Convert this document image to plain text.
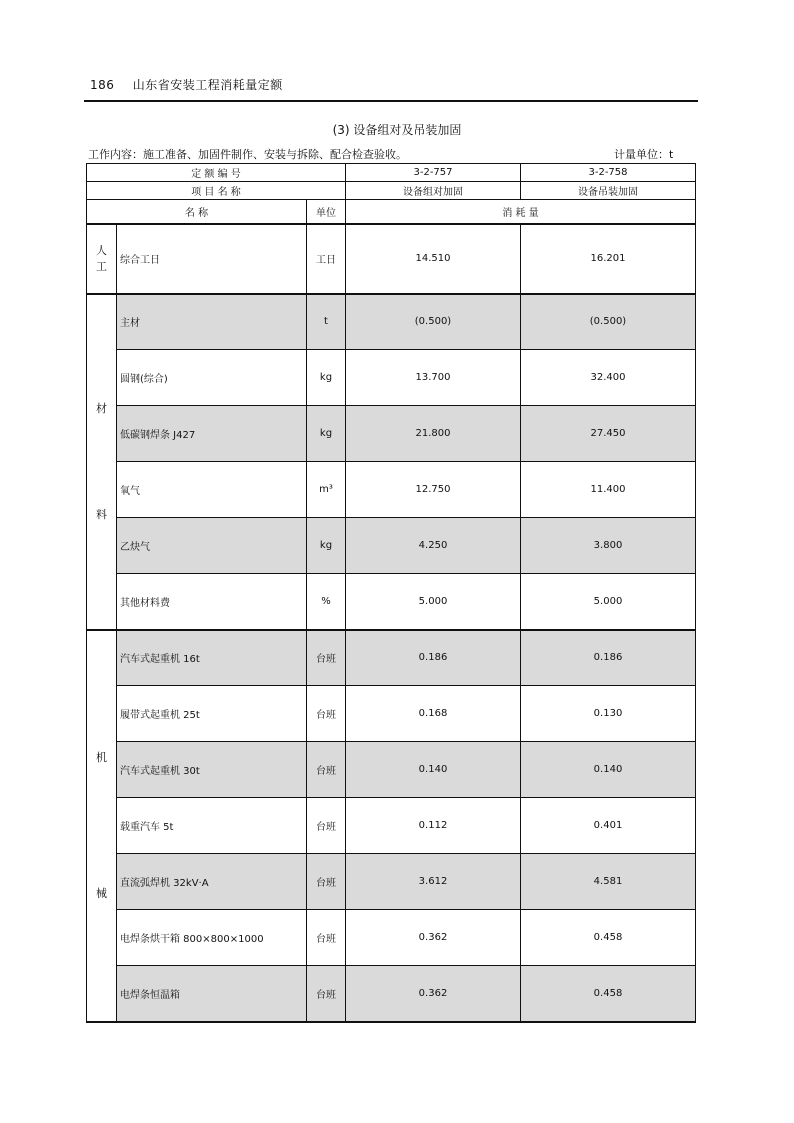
186 山东省安装工程消耗量定额
(3) 设备组对及吊装加固
工作内容：施工准备、加固件制作、安装与拆除、配合检查验收。	计量单位：t
定 额 编 号			3-2-757	3-2-758
项 目 名 称			设备组对加固	设备吊装加固
名 称		单位	消 耗 量	

人
工	综合工日	工日	14.510	16.201

材
料	主材	t	(0.500)	(0.500)
	圆钢(综合)	kg	13.700	32.400
	低碳钢焊条 J427	kg	21.800	27.450
	氧气	m³	12.750	11.400
	乙炔气	kg	4.250	3.800
	其他材料费	%	5.000	5.000

机
械	汽车式起重机 16t	台班	0.186	0.186
	履带式起重机 25t	台班	0.168	0.130
	汽车式起重机 30t	台班	0.140	0.140
	载重汽车 5t	台班	0.112	0.401
	直流弧焊机 32kV·A	台班	3.612	4.581
	电焊条烘干箱 800×800×1000	台班	0.362	0.458
	电焊条恒温箱	台班	0.362	0.458
